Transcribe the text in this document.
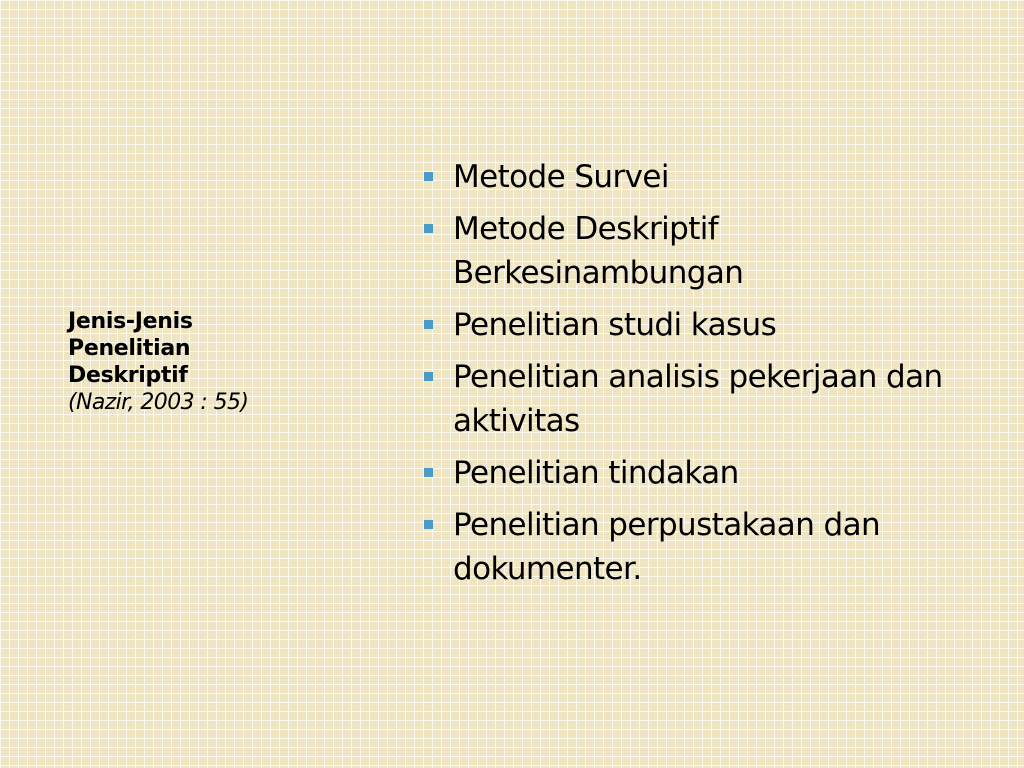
Jenis-Jenis
Penelitian
Deskriptif
(Nazir, 2003 : 55)
Metode Survei
Metode Deskriptif Berkesinambungan
Penelitian studi kasus
Penelitian analisis pekerjaan dan aktivitas
Penelitian tindakan
Penelitian perpustakaan dan dokumenter.
